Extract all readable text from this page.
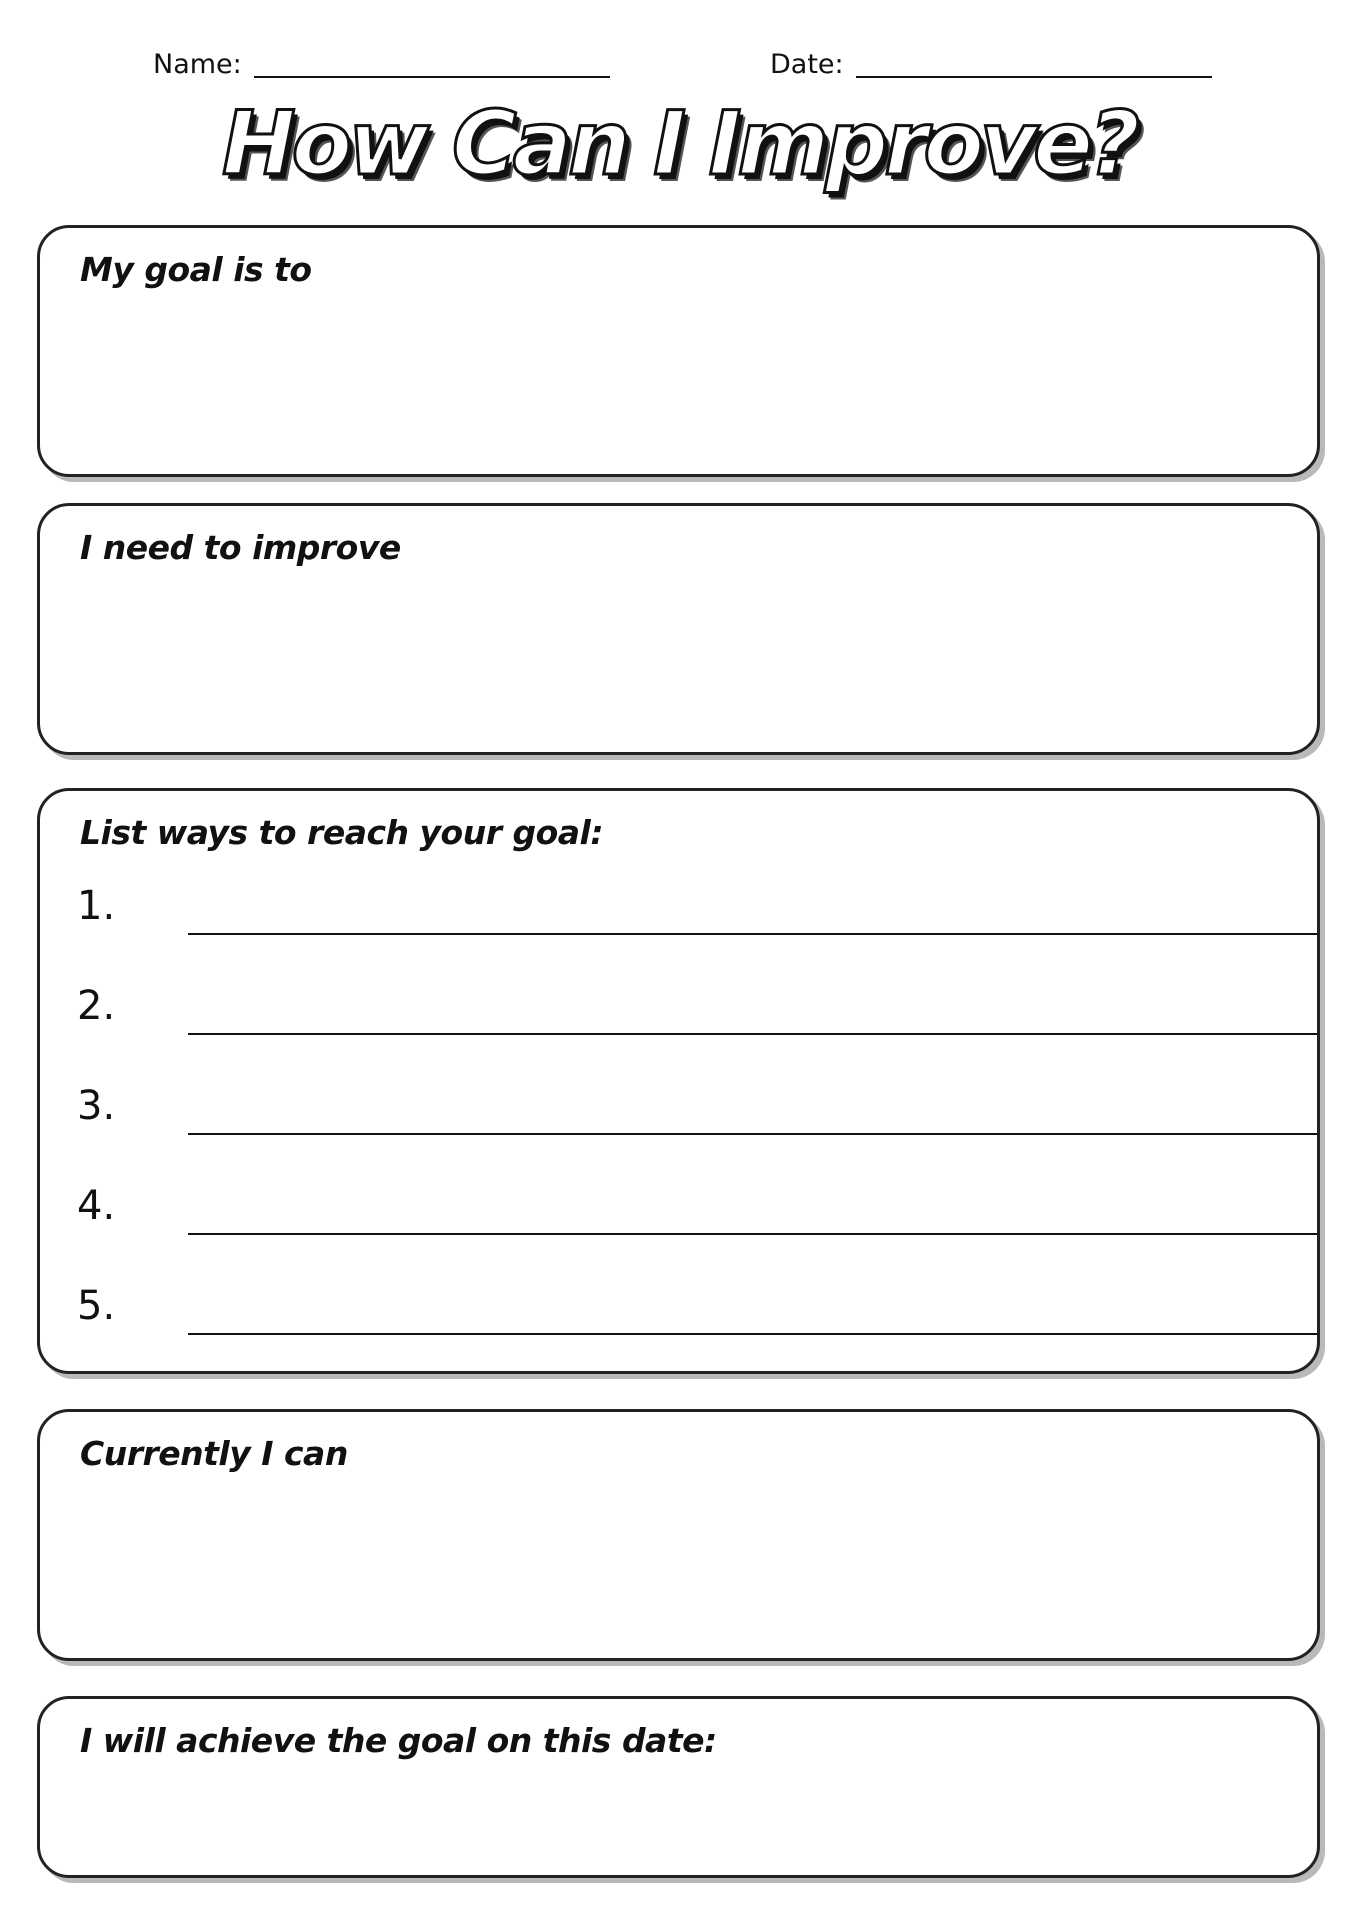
Name:	Date:
How Can I Improve?
My goal is to
I need to improve
List ways to reach your goal:
1.
2.
3.
4.
5.
Currently I can
I will achieve the goal on this date:
